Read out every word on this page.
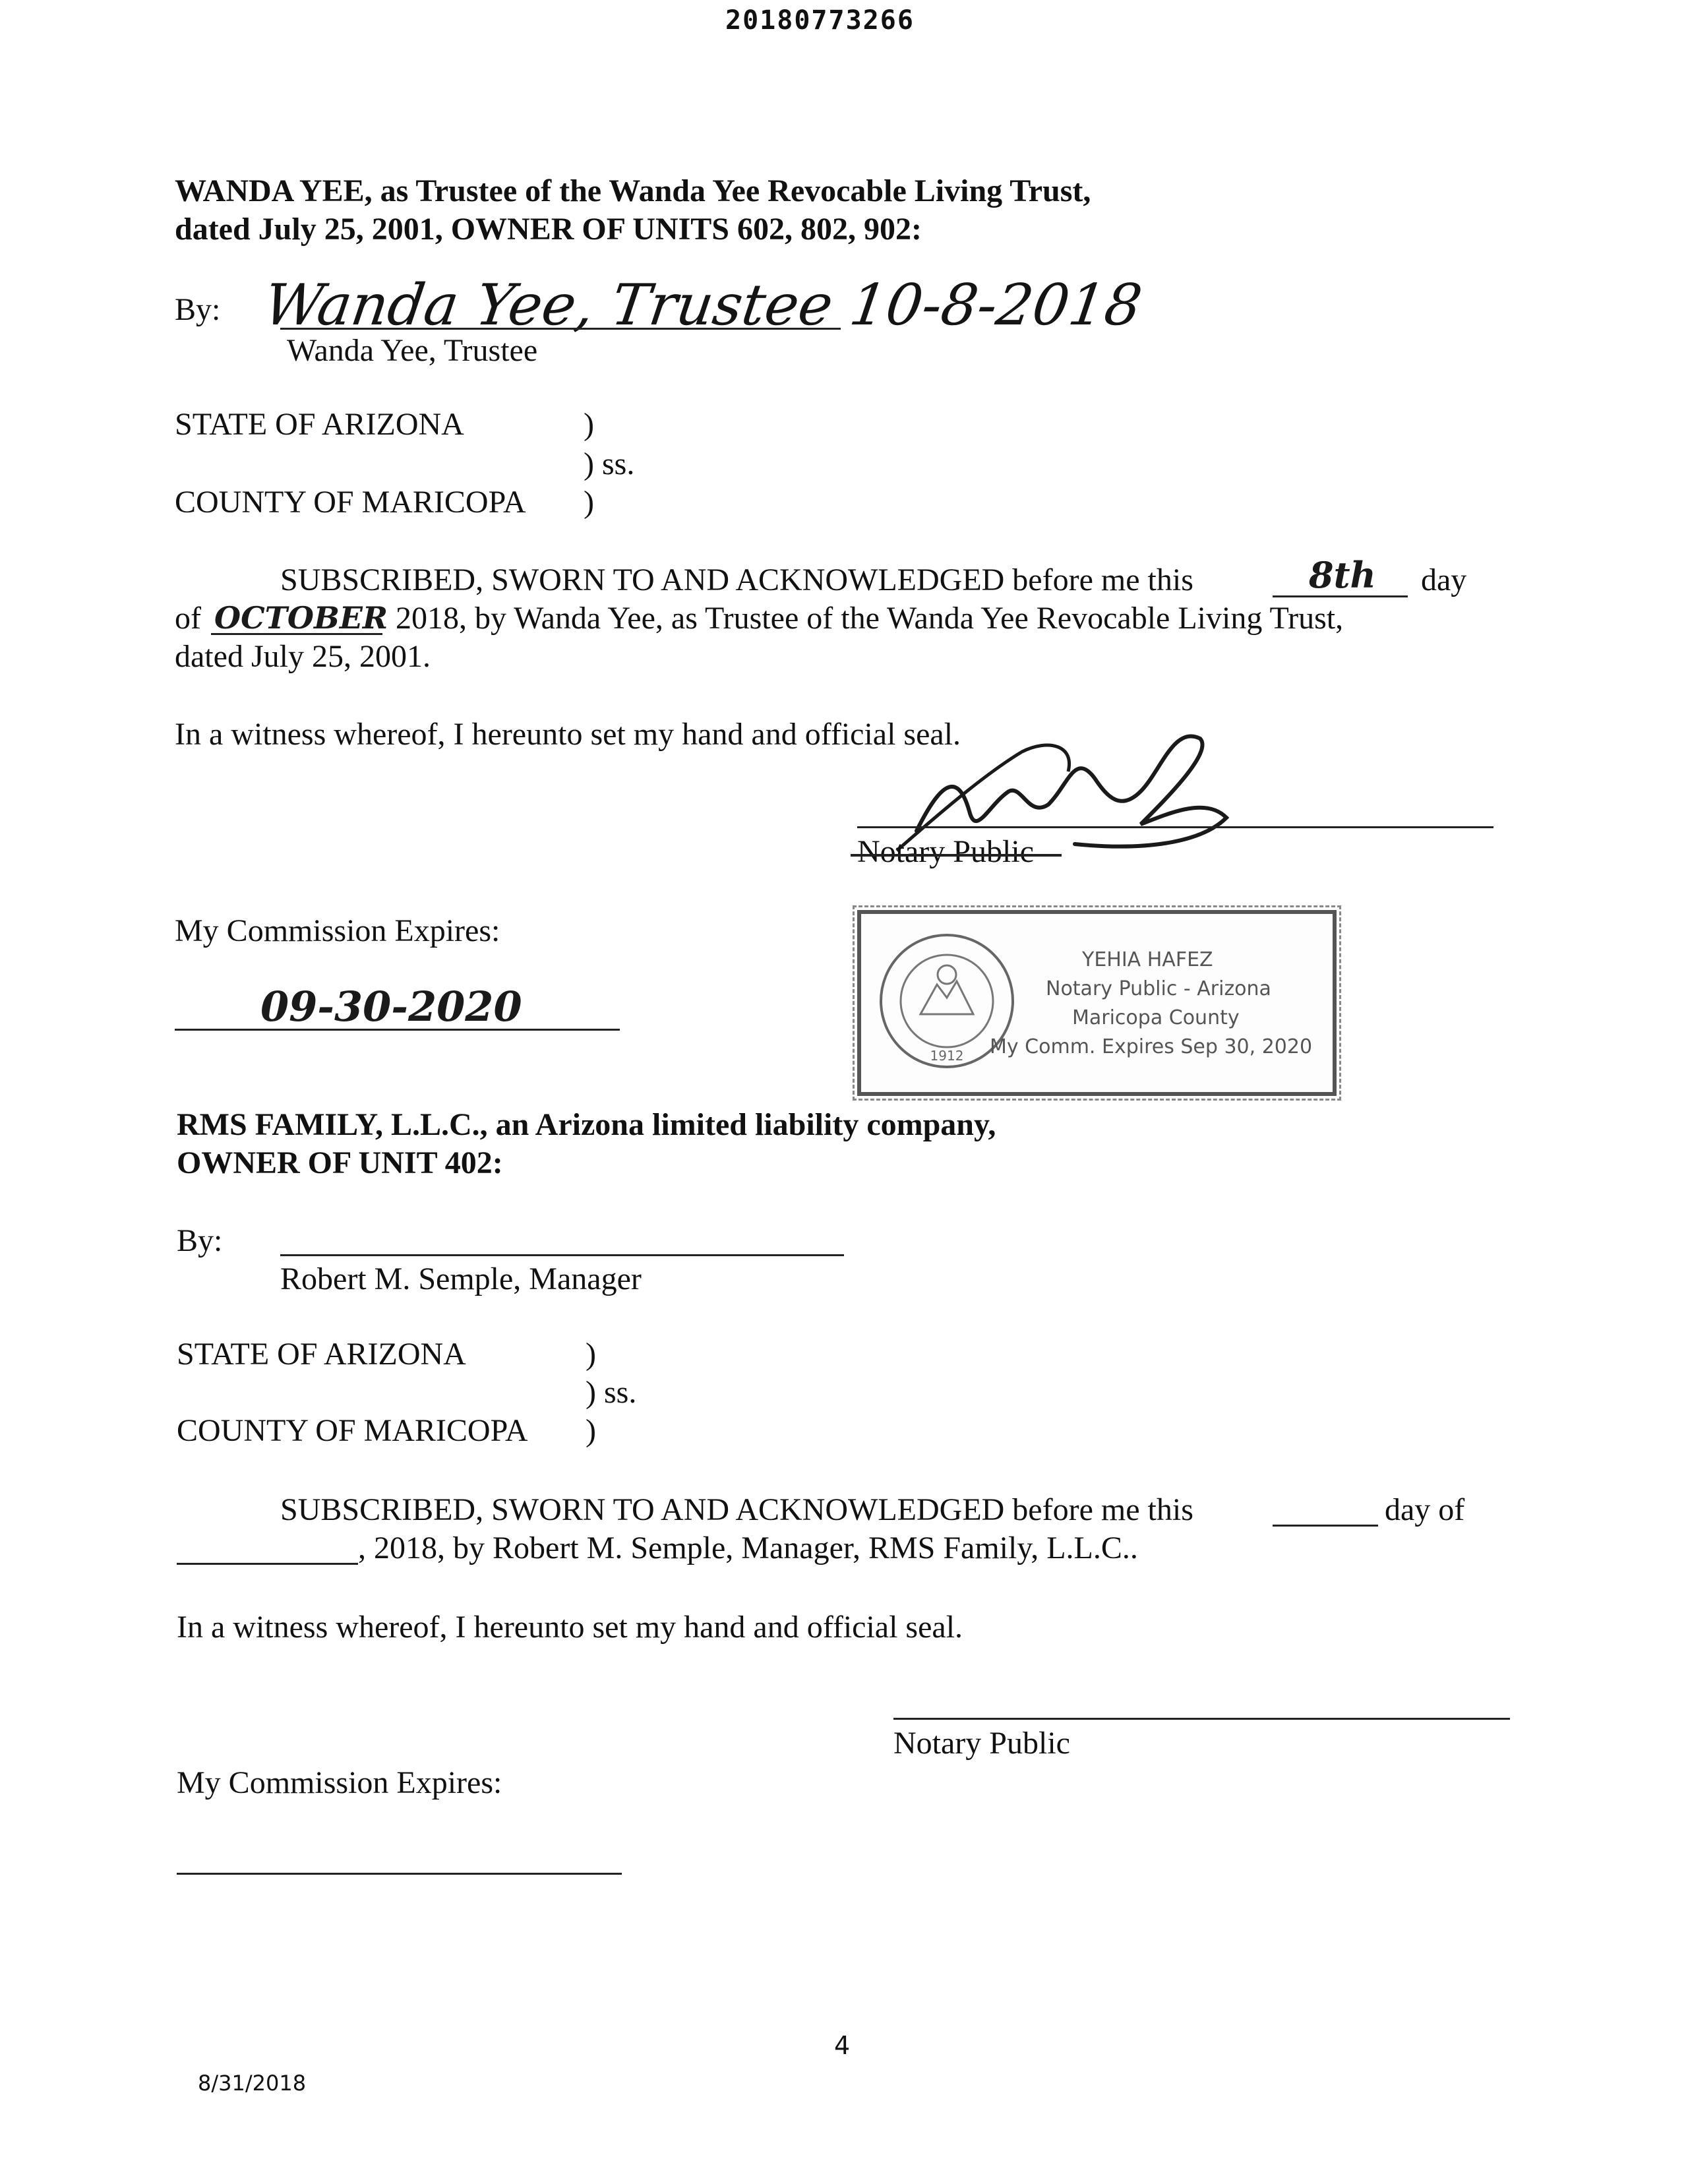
20180773266
WANDA YEE, as Trustee of the Wanda Yee Revocable Living Trust,
dated July 25, 2001, OWNER OF UNITS 602, 802, 902:
By: Wanda Yee, Trustee 10-8-2018
Wanda Yee, Trustee
STATE OF ARIZONA	)
) ss.
COUNTY OF MARICOPA )
SUBSCRIBED, SWORN TO AND ACKNOWLEDGED before me this	8th day
of OCTOBER 2018, by Wanda Yee, as Trustee of the Wanda Yee Revocable Living Trust,
dated July 25, 2001.
In a witness whereof, I hereunto set my hand and official seal.
Notary Public
My Commission Expires:
09-30-2020
1912
YEHIA HAFEZ
Notary Public - Arizona
Maricopa County
My Comm. Expires Sep 30, 2020
RMS FAMILY, L.L.C., an Arizona limited liability company,
OWNER OF UNIT 402:
By:
Robert M. Semple, Manager
STATE OF ARIZONA	)
) ss.
COUNTY OF MARICOPA )
SUBSCRIBED, SWORN TO AND ACKNOWLEDGED before me this	day of
, 2018, by Robert M. Semple, Manager, RMS Family, L.L.C..
In a witness whereof, I hereunto set my hand and official seal.
Notary Public
My Commission Expires:
4
8/31/2018
